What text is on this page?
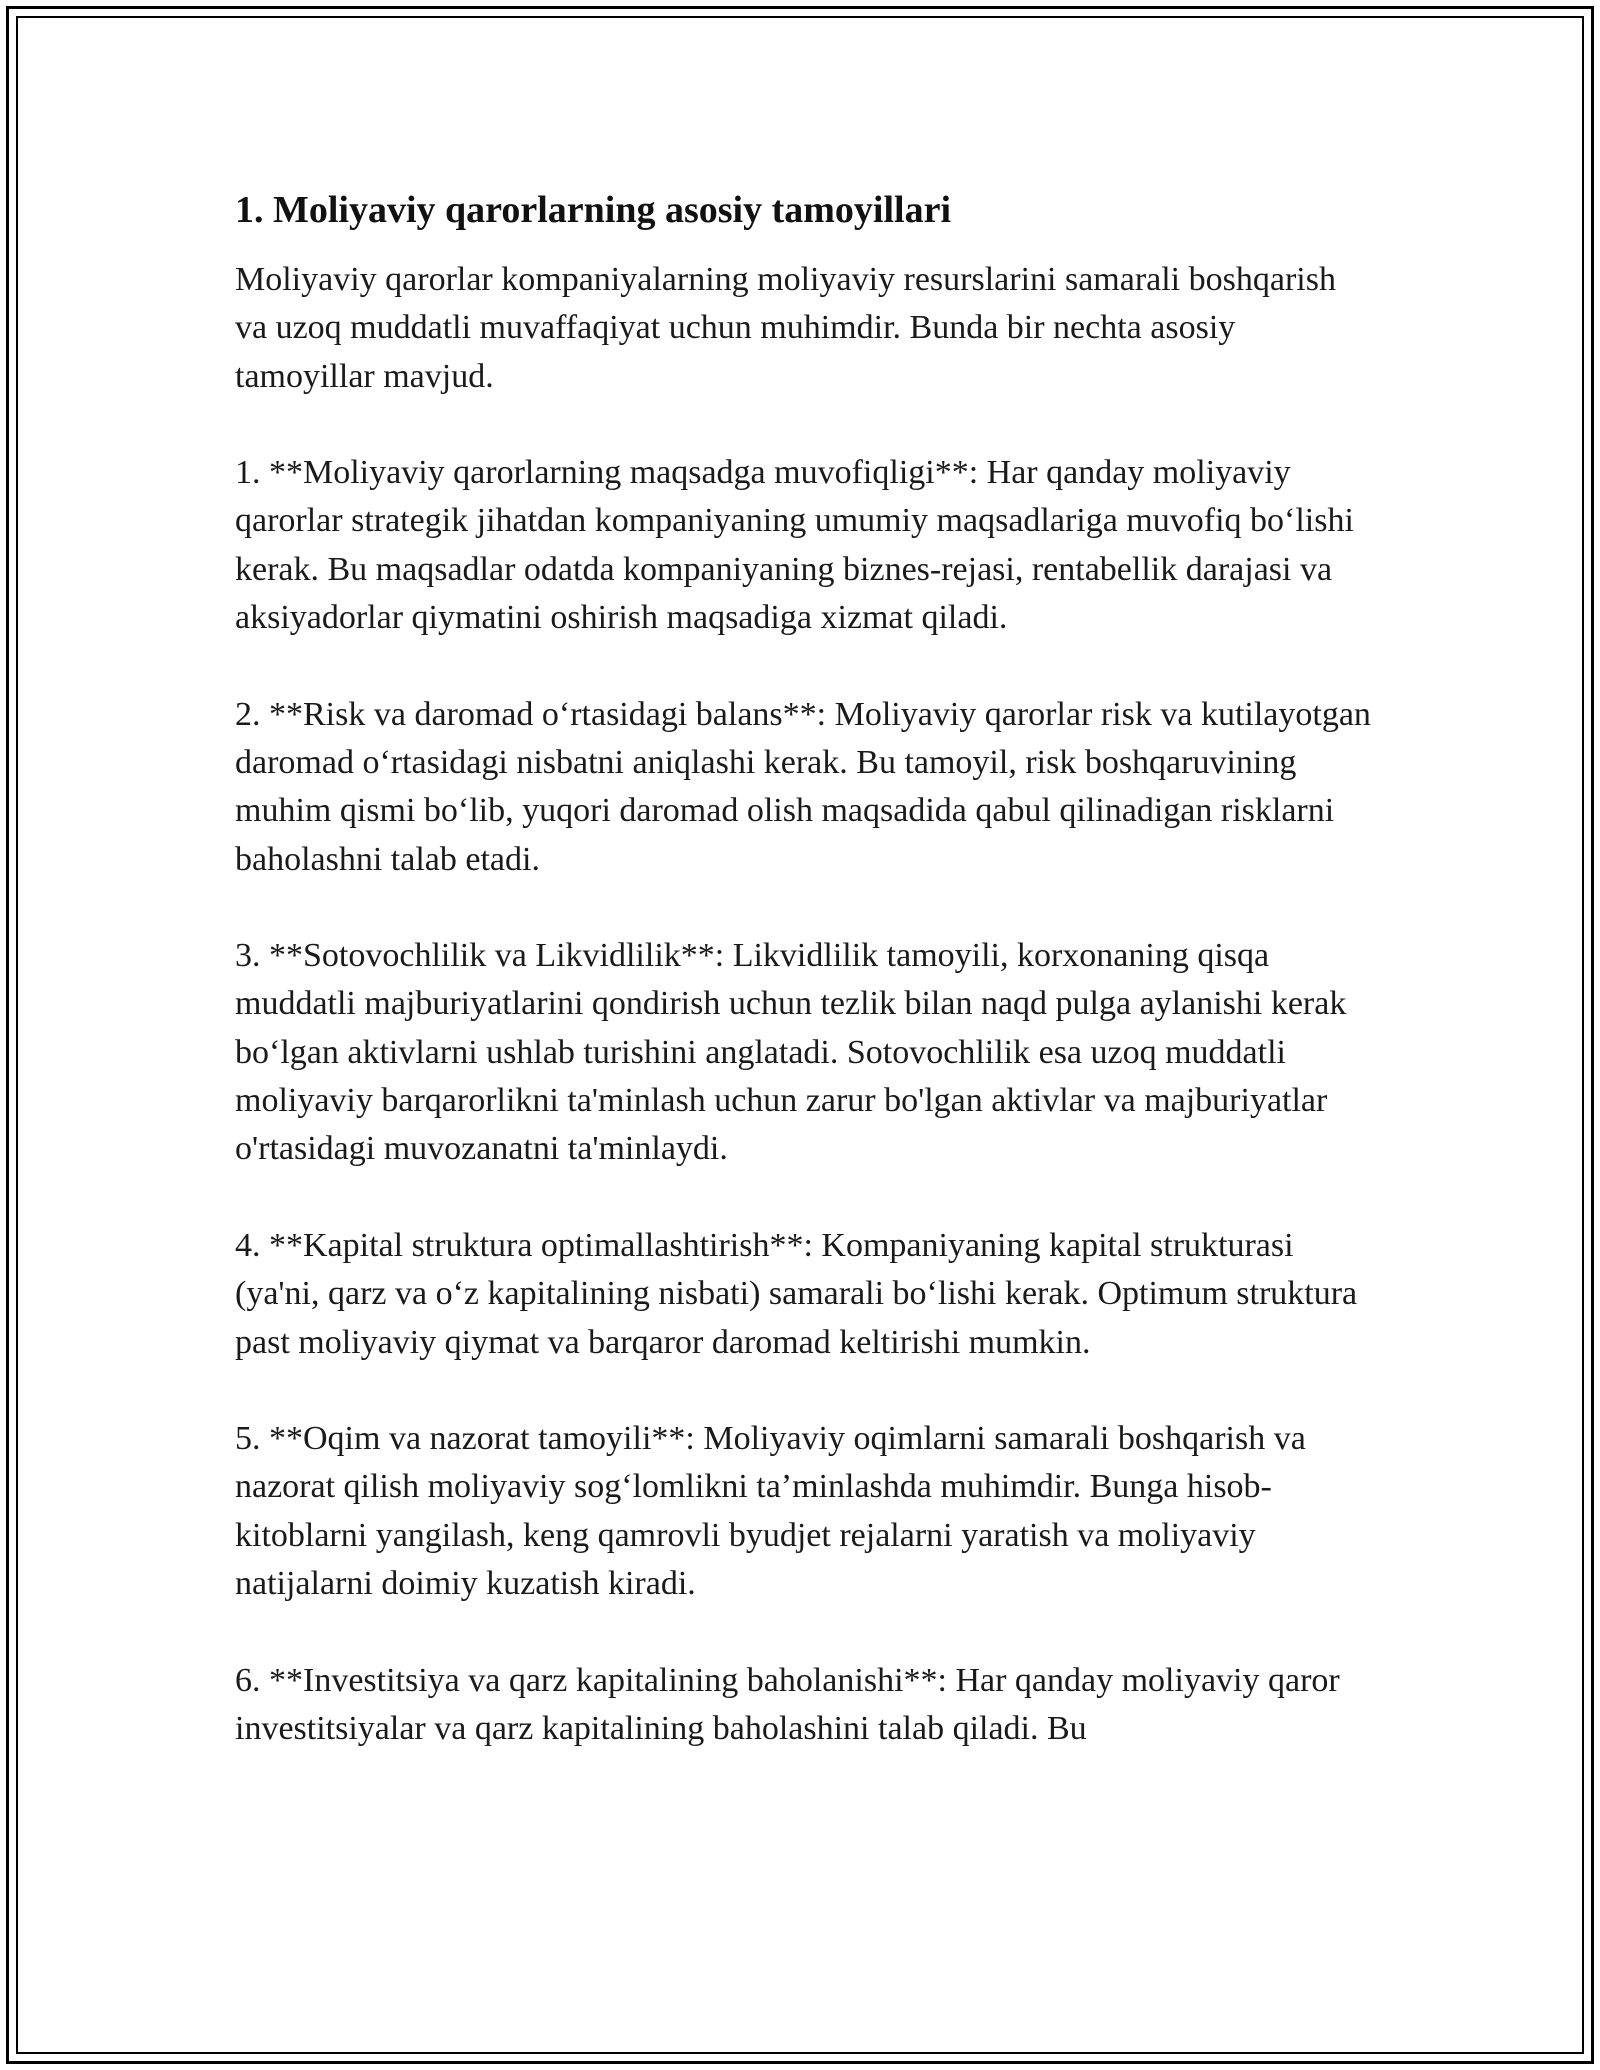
1. Moliyaviy qarorlarning asosiy tamoyillari

Moliyaviy qarorlar kompaniyalarning moliyaviy resurslarini samarali boshqarish va uzoq muddatli muvaffaqiyat uchun muhimdir. Bunda bir nechta asosiy tamoyillar mavjud.

1. **Moliyaviy qarorlarning maqsadga muvofiqligi**: Har qanday moliyaviy qarorlar strategik jihatdan kompaniyaning umumiy maqsadlariga muvofiq bo‘lishi kerak. Bu maqsadlar odatda kompaniyaning biznes-rejasi, rentabellik darajasi va aksiyadorlar qiymatini oshirish maqsadiga xizmat qiladi.

2. **Risk va daromad o‘rtasidagi balans**: Moliyaviy qarorlar risk va kutilayotgan daromad o‘rtasidagi nisbatni aniqlashi kerak. Bu tamoyil, risk boshqaruvining muhim qismi bo‘lib, yuqori daromad olish maqsadida qabul qilinadigan risklarni baholashni talab etadi.

3. **Sotovochlilik va Likvidlilik**: Likvidlilik tamoyili, korxonaning qisqa muddatli majburiyatlarini qondirish uchun tezlik bilan naqd pulga aylanishi kerak bo‘lgan aktivlarni ushlab turishini anglatadi. Sotovochlilik esa uzoq muddatli moliyaviy barqarorlikni ta'minlash uchun zarur bo'lgan aktivlar va majburiyatlar o'rtasidagi muvozanatni ta'minlaydi.

4. **Kapital struktura optimallashtirish**: Kompaniyaning kapital strukturasi (ya'ni, qarz va o‘z kapitalining nisbati) samarali bo‘lishi kerak. Optimum struktura past moliyaviy qiymat va barqaror daromad keltirishi mumkin.

5. **Oqim va nazorat tamoyili**: Moliyaviy oqimlarni samarali boshqarish va nazorat qilish moliyaviy sog‘lomlikni ta’minlashda muhimdir. Bunga hisob-kitoblarni yangilash, keng qamrovli byudjet rejalarni yaratish va moliyaviy natijalarni doimiy kuzatish kiradi.

6. **Investitsiya va qarz kapitalining baholanishi**: Har qanday moliyaviy qaror investitsiyalar va qarz kapitalining baholashini talab qiladi. Bu
